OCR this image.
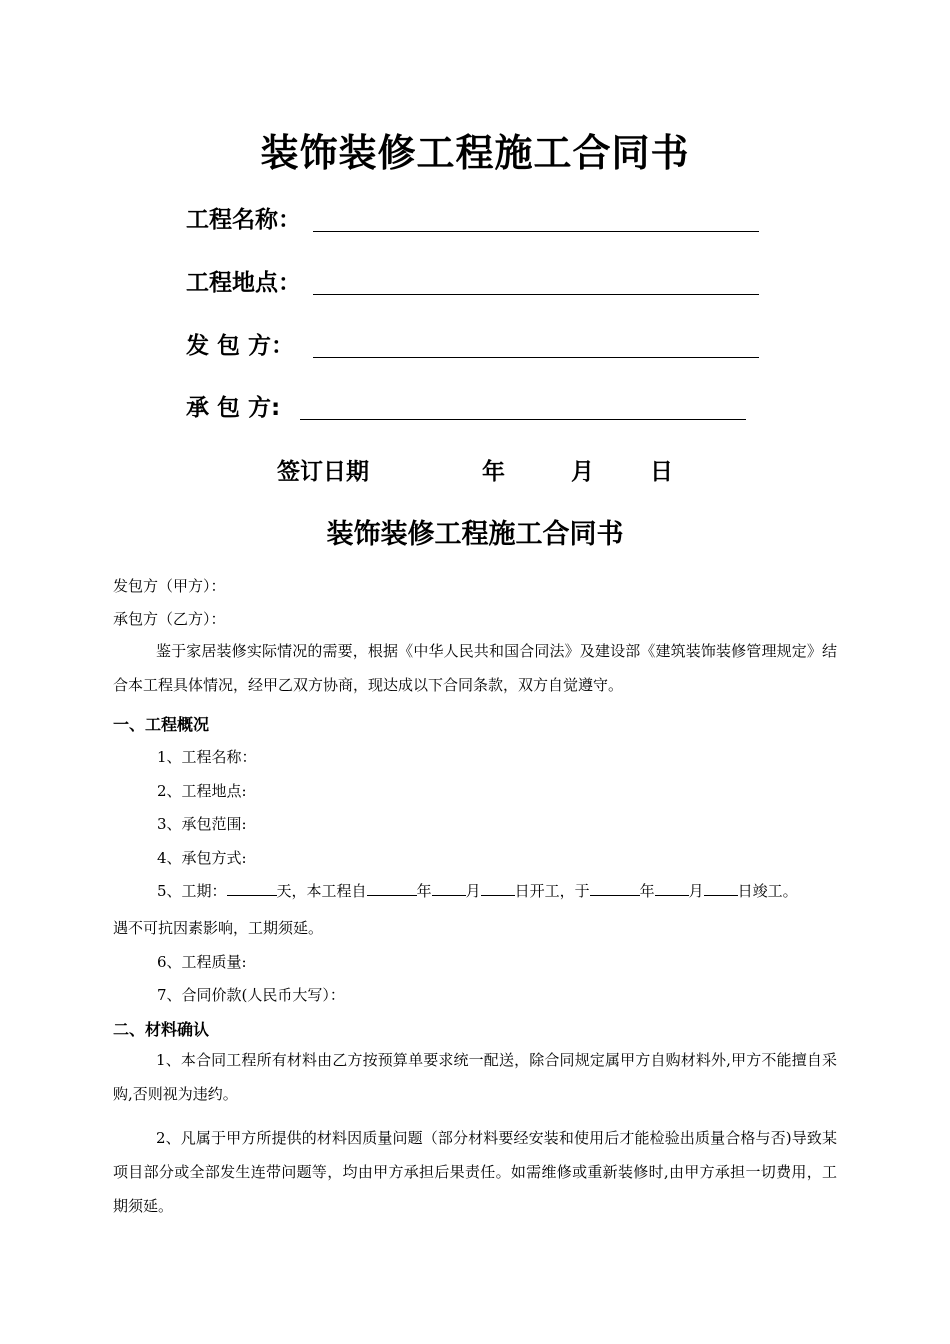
装饰装修工程施工合同书
工程名称：
工程地点：
发 包 方：
承 包 方:
签订日期	年	月 日
装饰装修工程施工合同书
发包方（甲方）：
承包方（乙方）：
鉴于家居装修实际情况的需要，根据《中华人民共和国合同法》及建设部《建筑装饰装修管理规定》结合本工程具体情况，经甲乙双方协商，现达成以下合同条款，双方自觉遵守。
一、工程概况
1、工程名称：
2、工程地点:
3、承包范围:
4、承包方式:
5、工期：	天，本工程自	年 月 日开工，于	年 月 日竣工。
遇不可抗因素影响，工期须延。
6、工程质量:
7、合同价款(人民币大写）：
二、材料确认
1、本合同工程所有材料由乙方按预算单要求统一配送，除合同规定属甲方自购材料外,甲方不能擅自采购,否则视为违约。
2、凡属于甲方所提供的材料因质量问题（部分材料要经安装和使用后才能检验出质量合格与否)导致某项目部分或全部发生连带问题等，均由甲方承担后果责任。如需维修或重新装修时,由甲方承担一切费用，工期须延。
